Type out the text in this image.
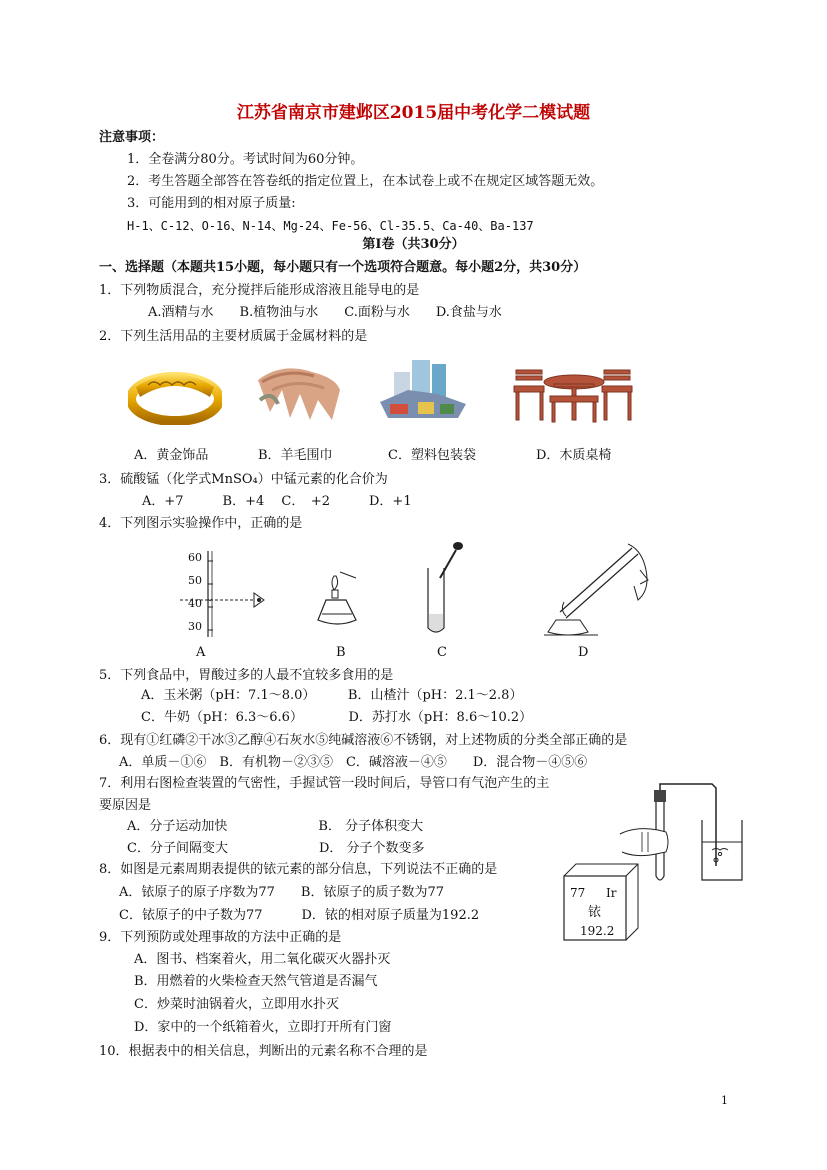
江苏省南京市建邺区2015届中考化学二模试题
注意事项：
1．全卷满分80分。考试时间为60分钟。
2．考生答题全部答在答卷纸的指定位置上，在本试卷上或不在规定区域答题无效。
3．可能用到的相对原子质量:
H-1、C-12、O-16、N-14、Mg-24、Fe-56、Cl-35.5、Ca-40、Ba-137
第Ⅰ卷（共30分）
一、选择题（本题共15小题，每小题只有一个选项符合题意。每小题2分，共30分）
1．下列物质混合，充分搅拌后能形成溶液且能导电的是
A.酒精与水　　B.植物油与水　　C.面粉与水　　D.食盐与水
2．下列生活用品的主要材质属于金属材料的是
A．黄金饰品	B．羊毛围巾	C．塑料包装袋	D．木质桌椅
3．硫酸锰（化学式MnSO₄）中锰元素的化合价为
A．+7　　　B．+4　 C．　+2　　　D．+1
4．下列图示实验操作中，正确的是
60
50
40
30
A	B	C	D
5．下列食品中，胃酸过多的人最不宜较多食用的是
A．玉米粥（pH：7.1～8.0）　　　B．山楂汁（pH：2.1～2.8）
C．牛奶（pH：6.3～6.6）　　　　D．苏打水（pH：8.6～10.2）
6．现有①红磷②干冰③乙醇④石灰水⑤纯碱溶液⑥不锈钢，对上述物质的分类全部正确的是
A．单质－①⑥　B．有机物－②③⑤　C．碱溶液－④⑤　　D．混合物－④⑤⑥
7．利用右图检查装置的气密性，手握试管一段时间后，导管口有气泡产生的主
要原因是
A．分子运动加快　　　　　　　B． 分子体积变大
C．分子间隔变大　　　　　　　D． 分子个数变多
8．如图是元素周期表提供的铱元素的部分信息，下列说法不正确的是
A．铱原子的原子序数为77　　B．铱原子的质子数为77
C．铱原子的中子数为77　　　D．铱的相对原子质量为192.2
77 Ir
铱
192.2
9．下列预防或处理事故的方法中正确的是
A．图书、档案着火，用二氧化碳灭火器扑灭
B．用燃着的火柴检查天然气管道是否漏气
C．炒菜时油锅着火，立即用水扑灭
D．家中的一个纸箱着火，立即打开所有门窗
10．根据表中的相关信息，判断出的元素名称不合理的是
1
